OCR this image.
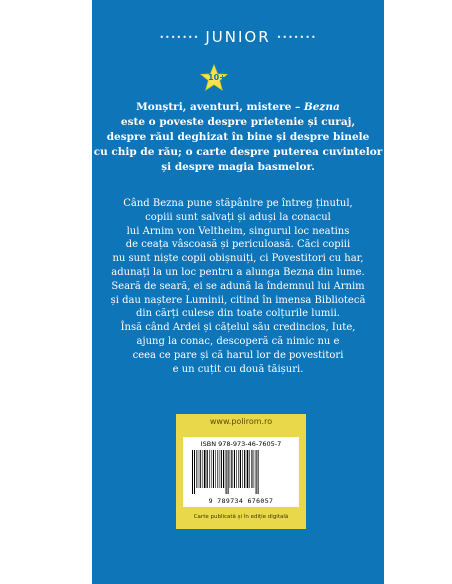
••••••• JUNIOR •••••••
10+

Monștri, aventuri, mistere – Bezna

este o poveste despre prietenie și curaj,

despre răul deghizat în bine și despre binele

cu chip de rău; o carte despre puterea cuvintelor

și despre magia basmelor.

Când Bezna pune stăpânire pe întreg ținutul,

copiii sunt salvați și aduși la conacul

lui Arnim von Veltheim, singurul loc neatins

de ceața vâscoasă și periculoasă. Căci copiii

nu sunt niște copii obișnuiți, ci Povestitori cu har,

adunați la un loc pentru a alunga Bezna din lume.

Seară de seară, ei se adună la îndemnul lui Arnim

și dau naștere Luminii, citind în imensa Bibliotecă

din cărți culese din toate colțurile lumii.

Însă când Ardei și cățelul său credincios, Iute,

ajung la conac, descoperă că nimic nu e

ceea ce pare și că harul lor de povestitori

e un cuțit cu două tăișuri.

www.polirom.ro
ISBN 978-973-46-7605-7
9 789734 676057
Carte publicată și în ediție digitală
